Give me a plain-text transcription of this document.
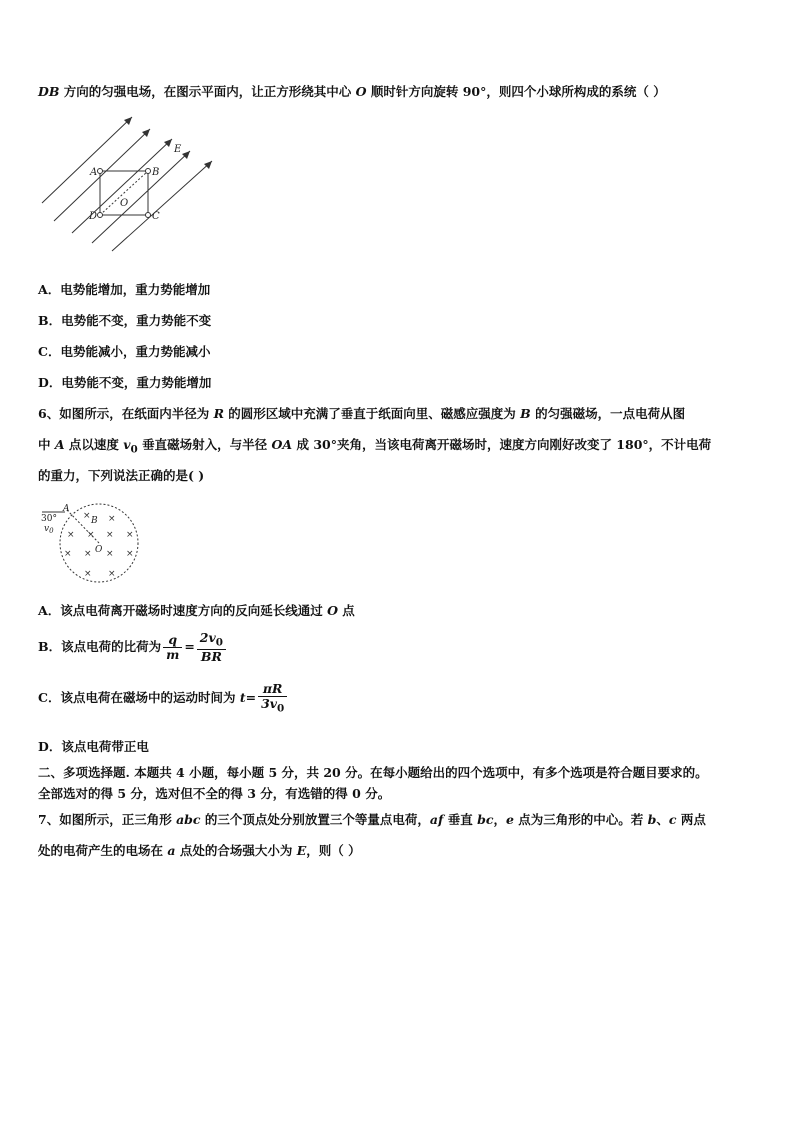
DB 方向的匀强电场，在图示平面内，让正方形绕其中心 O 顺时针方向旋转 90°，则四个小球所构成的系统（ ）
A	B
D	C
O
E
A．电势能增加，重力势能增加
B．电势能不变，重力势能不变
C．电势能减小，重力势能减小
D．电势能不变，重力势能增加
6、如图所示，在纸面内半径为 R 的圆形区域中充满了垂直于纸面向里、磁感应强度为 B 的匀强磁场，一点电荷从图
中 A 点以速度 $v_0$ 垂直磁场射入，与半径 OA 成 30°夹角，当该电荷离开磁场时，速度方向刚好改变了 180°，不计电荷
的重力，下列说法正确的是( )
30°
A
B
O
$v_0$
× ×
× × × ×
× × × ×
× ×
A．该点电荷离开磁场时速度方向的反向延长线通过 O 点
B．该点电荷的比荷为 $\frac{q}{m} = \frac{2v_0}{BR}$
C．该点电荷在磁场中的运动时间为 $t= \frac{\pi R}{3v_0}$
D．该点电荷带正电
二、多项选择题. 本题共 4 小题，每小题 5 分，共 20 分。在每小题给出的四个选项中，有多个选项是符合题目要求的。
全部选对的得 5 分，选对但不全的得 3 分，有选错的得 0 分。
7、如图所示，正三角形 abc 的三个顶点处分别放置三个等量点电荷，af 垂直 bc，e 点为三角形的中心。若 b、c 两点
处的电荷产生的电场在 a 点处的合场强大小为 E，则（ ）
